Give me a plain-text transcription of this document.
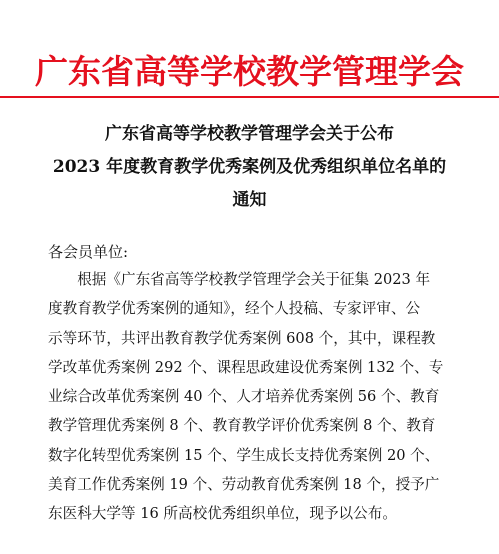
广东省高等学校教学管理学会
广东省高等学校教学管理学会关于公布
2023 年度教育教学优秀案例及优秀组织单位名单的
通知
各会员单位:
根据《广东省高等学校教学管理学会关于征集 2023 年
度教育教学优秀案例的通知》，经个人投稿、专家评审、公
示等环节，共评出教育教学优秀案例 608 个，其中，课程教
学改革优秀案例 292 个、课程思政建设优秀案例 132 个、专
业综合改革优秀案例 40 个、人才培养优秀案例 56 个、教育
教学管理优秀案例 8 个、教育教学评价优秀案例 8 个、教育
数字化转型优秀案例 15 个、学生成长支持优秀案例 20 个、
美育工作优秀案例 19 个、劳动教育优秀案例 18 个，授予广
东医科大学等 16 所高校优秀组织单位，现予以公布。
